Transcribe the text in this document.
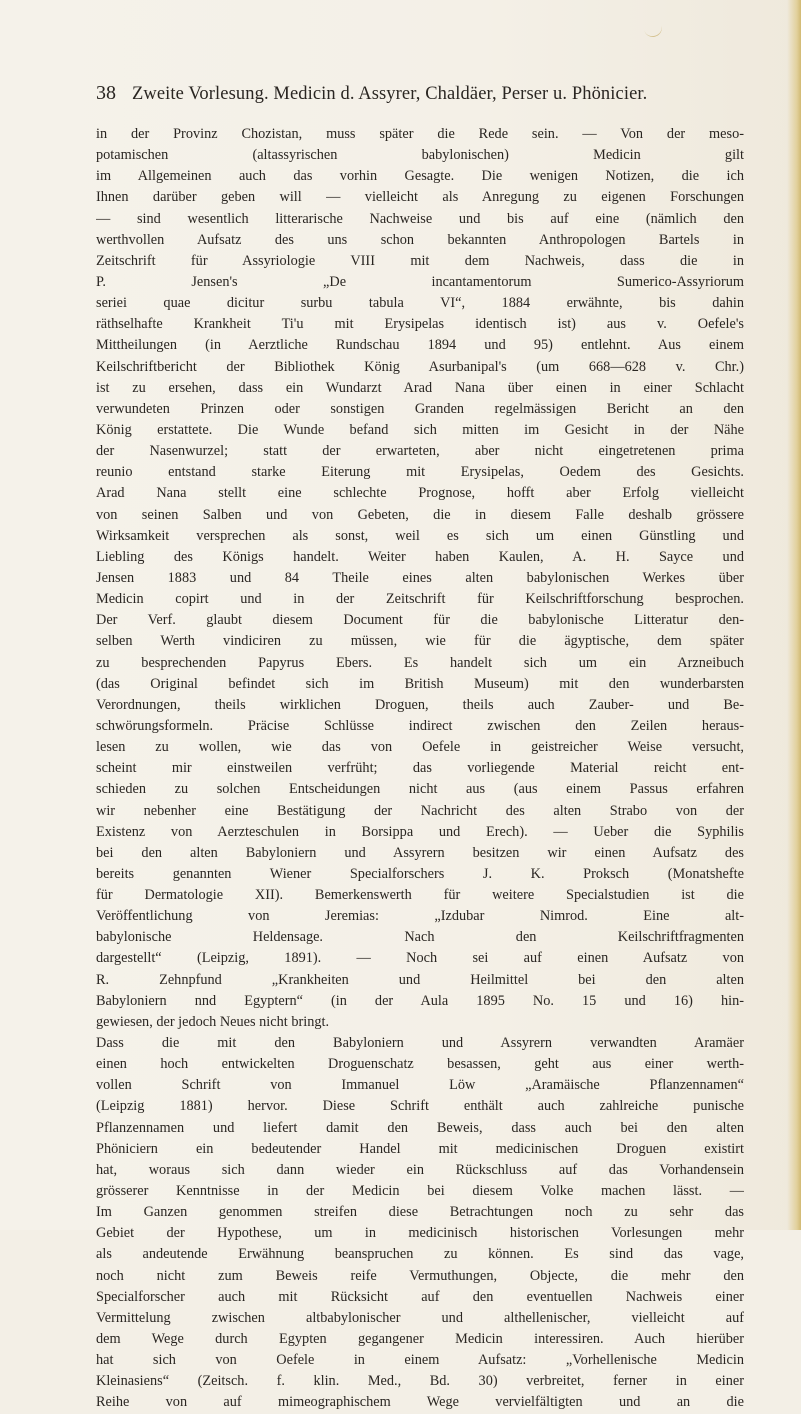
38 Zweite Vorlesung. Medicin d. Assyrer, Chaldäer, Perser u. Phönicier.
in der Provinz Chozistan, muss später die Rede sein. — Von der meso-
potamischen (altassyrischen babylonischen) Medicin gilt
im Allgemeinen auch das vorhin Gesagte. Die wenigen Notizen, die ich
Ihnen darüber geben will — vielleicht als Anregung zu eigenen Forschungen
— sind wesentlich litterarische Nachweise und bis auf eine (nämlich den
werthvollen Aufsatz des uns schon bekannten Anthropologen Bartels in
Zeitschrift für Assyriologie VIII mit dem Nachweis, dass die in
P. Jensen's „De incantamentorum Sumerico-Assyriorum
seriei quae dicitur surbu tabula VI“, 1884 erwähnte, bis dahin
räthselhafte Krankheit Ti'u mit Erysipelas identisch ist) aus v. Oefele's
Mittheilungen (in Aerztliche Rundschau 1894 und 95) entlehnt. Aus einem
Keilschriftbericht der Bibliothek König Asurbanipal's (um 668—628 v. Chr.)
ist zu ersehen, dass ein Wundarzt Arad Nana über einen in einer Schlacht
verwundeten Prinzen oder sonstigen Granden regelmässigen Bericht an den
König erstattete. Die Wunde befand sich mitten im Gesicht in der Nähe
der Nasenwurzel; statt der erwarteten, aber nicht eingetretenen prima
reunio entstand starke Eiterung mit Erysipelas, Oedem des Gesichts.
Arad Nana stellt eine schlechte Prognose, hofft aber Erfolg vielleicht
von seinen Salben und von Gebeten, die in diesem Falle deshalb grössere
Wirksamkeit versprechen als sonst, weil es sich um einen Günstling und
Liebling des Königs handelt. Weiter haben Kaulen, A. H. Sayce und
Jensen 1883 und 84 Theile eines alten babylonischen Werkes über
Medicin copirt und in der Zeitschrift für Keilschriftforschung besprochen.
Der Verf. glaubt diesem Document für die babylonische Litteratur den-
selben Werth vindiciren zu müssen, wie für die ägyptische, dem später
zu besprechenden Papyrus Ebers. Es handelt sich um ein Arzneibuch
(das Original befindet sich im British Museum) mit den wunderbarsten
Verordnungen, theils wirklichen Droguen, theils auch Zauber- und Be-
schwörungsformeln. Präcise Schlüsse indirect zwischen den Zeilen heraus-
lesen zu wollen, wie das von Oefele in geistreicher Weise versucht,
scheint mir einstweilen verfrüht; das vorliegende Material reicht ent-
schieden zu solchen Entscheidungen nicht aus (aus einem Passus erfahren
wir nebenher eine Bestätigung der Nachricht des alten Strabo von der
Existenz von Aerzteschulen in Borsippa und Erech). — Ueber die Syphilis
bei den alten Babyloniern und Assyrern besitzen wir einen Aufsatz des
bereits genannten Wiener Specialforschers J. K. Proksch (Monatshefte
für Dermatologie XII). Bemerkenswerth für weitere Specialstudien ist die
Veröffentlichung von Jeremias: „Izdubar Nimrod. Eine alt-
babylonische Heldensage. Nach den Keilschriftfragmenten
dargestellt“ (Leipzig, 1891). — Noch sei auf einen Aufsatz von
R. Zehnpfund „Krankheiten und Heilmittel bei den alten
Babyloniern nnd Egyptern“ (in der Aula 1895 No. 15 und 16) hin-
gewiesen, der jedoch Neues nicht bringt.
Dass die mit den Babyloniern und Assyrern verwandten Aramäer
einen hoch entwickelten Droguenschatz besassen, geht aus einer werth-
vollen Schrift von Immanuel Löw „Aramäische Pflanzennamen“
(Leipzig 1881) hervor. Diese Schrift enthält auch zahlreiche punische
Pflanzennamen und liefert damit den Beweis, dass auch bei den alten
Phöniciern ein bedeutender Handel mit medicinischen Droguen existirt
hat, woraus sich dann wieder ein Rückschluss auf das Vorhandensein
grösserer Kenntnisse in der Medicin bei diesem Volke machen lässt. —
Im Ganzen genommen streifen diese Betrachtungen noch zu sehr das
Gebiet der Hypothese, um in medicinisch historischen Vorlesungen mehr
als andeutende Erwähnung beanspruchen zu können. Es sind das vage,
noch nicht zum Beweis reife Vermuthungen, Objecte, die mehr den
Specialforscher auch mit Rücksicht auf den eventuellen Nachweis einer
Vermittelung zwischen altbabylonischer und althellenischer, vielleicht auf
dem Wege durch Egypten gegangener Medicin interessiren. Auch hierüber
hat sich von Oefele in einem Aufsatz: „Vorhellenische Medicin
Kleinasiens“ (Zeitsch. f. klin. Med., Bd. 30) verbreitet, ferner in einer
Reihe von auf mimeographischem Wege vervielfältigten und an die
